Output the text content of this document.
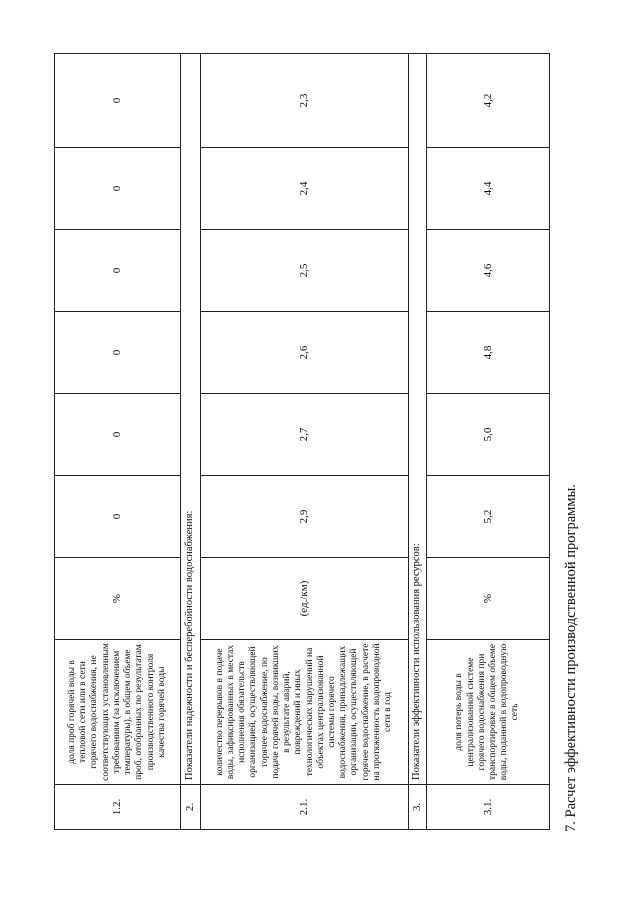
1.2.	доля проб горячей воды в тепловой сети или в сети горячего водоснабжения, не соответствующих установленным требованиям (за исключением температуры), в общем объеме проб, отобранных по результатам производственного контроля качества горячей воды	%	0	0	0	0	0	0
2.	Показатели надежности и бесперебойности водоснабжения:							
2.1.	количество перерывов в подаче воды, зафиксированных в местах исполнения обязательств организацией, осуществляющей горячее водоснабжение, по подаче горячей воды, возникших в результате аварий, повреждений и иных технологических нарушений на объектах централизованной системы горячего водоснабжения, принадлежащих организации, осуществляющей горячее водоснабжение, в расчете на протяженность водопроводной сети в год	(ед./км)	2,9	2,7	2,6	2,5	2,4	2,3
3.	Показатели эффективности использования ресурсов:							
3.1.	доля потерь воды в централизованной системе горячего водоснабжения при транспортировке в общем объеме воды, поданной в водопроводную сеть	%	5,2	5,0	4,8	4,6	4,4	4,2
7. Расчет эффективности производственной программы.
